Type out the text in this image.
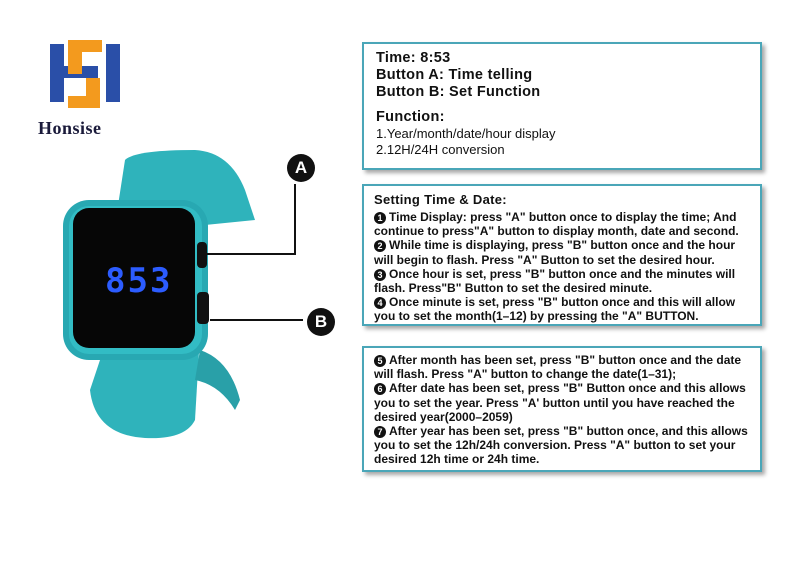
Honsise
853
A
B
Time: 8:53
Button A: Time telling
Button B: Set Function
Function:
1.Year/month/date/hour display
2.12H/24H conversion
Setting Time & Date:
1 Time Display: press "A" button once to display the time; And continue to press"A" button to display month, date and second.
2 While time is displaying, press "B" button once and the hour will begin to flash. Press "A" Button to set the desired hour.
3 Once hour is set, press "B" button once and the minutes will flash. Press"B" Button to set the desired minute.
4 Once minute is set, press "B" button once and this will allow you to set the month(1–12) by pressing the "A" BUTTON.
5 After month has been set, press "B" button once and the date will flash. Press "A" button to change the date(1–31);
6 After date has been set, press "B" Button once and this allows you to set the year. Press "A' button until you have reached the desired year(2000–2059)
7 After year has been set, press "B" button once, and this allows you to set the 12h/24h conversion. Press "A" button to set your desired 12h time or 24h time.
